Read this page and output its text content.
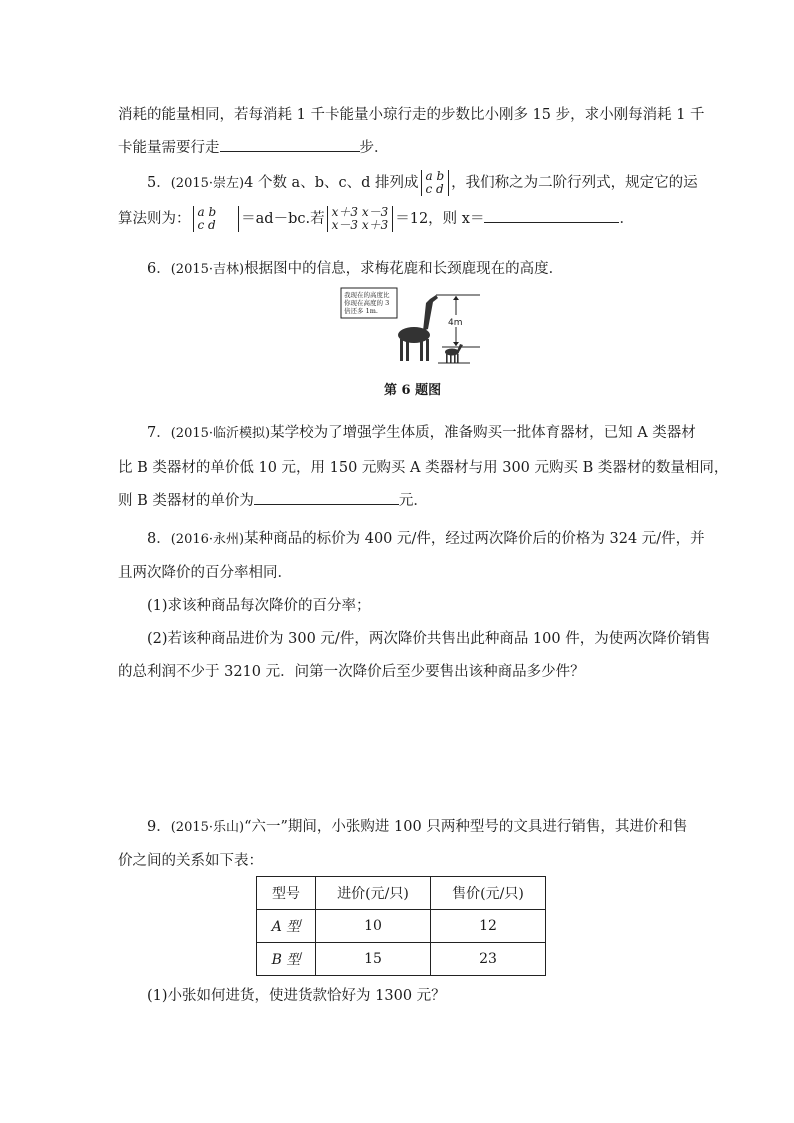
消耗的能量相同，若每消耗 1 千卡能量小琼行走的步数比小刚多 15 步，求小刚每消耗 1 千
卡能量需要行走	步．
5．(2015·崇左)4 个数 a、b、c、d 排列成 a b
c d ，我们称之为二阶行列式，规定它的运
算法则为： a b
c d ＝ad－bc.若 x＋3 x－3
x－3 x＋3 ＝12，则 x＝	．
6．(2015·吉林)根据图中的信息，求梅花鹿和长颈鹿现在的高度．
我现在的高度比
你现在高度的 3
倍还多 1m.
4m
第 6 题图
7．(2015·临沂模拟)某学校为了增强学生体质，准备购买一批体育器材，已知 A 类器材
比 B 类器材的单价低 10 元，用 150 元购买 A 类器材与用 300 元购买 B 类器材的数量相同，
则 B 类器材的单价为	元．
8．(2016·永州)某种商品的标价为 400 元/件，经过两次降价后的价格为 324 元/件，并
且两次降价的百分率相同．
(1)求该种商品每次降价的百分率；
(2)若该种商品进价为 300 元/件，两次降价共售出此种商品 100 件，为使两次降价销售
的总利润不少于 3210 元．问第一次降价后至少要售出该种商品多少件？
9．(2015·乐山)“六一”期间，小张购进 100 只两种型号的文具进行销售，其进价和售
价之间的关系如下表：
型号	进价(元/只)	售价(元/只)
A 型	10	12
B 型	15	23
(1)小张如何进货，使进货款恰好为 1300 元？
